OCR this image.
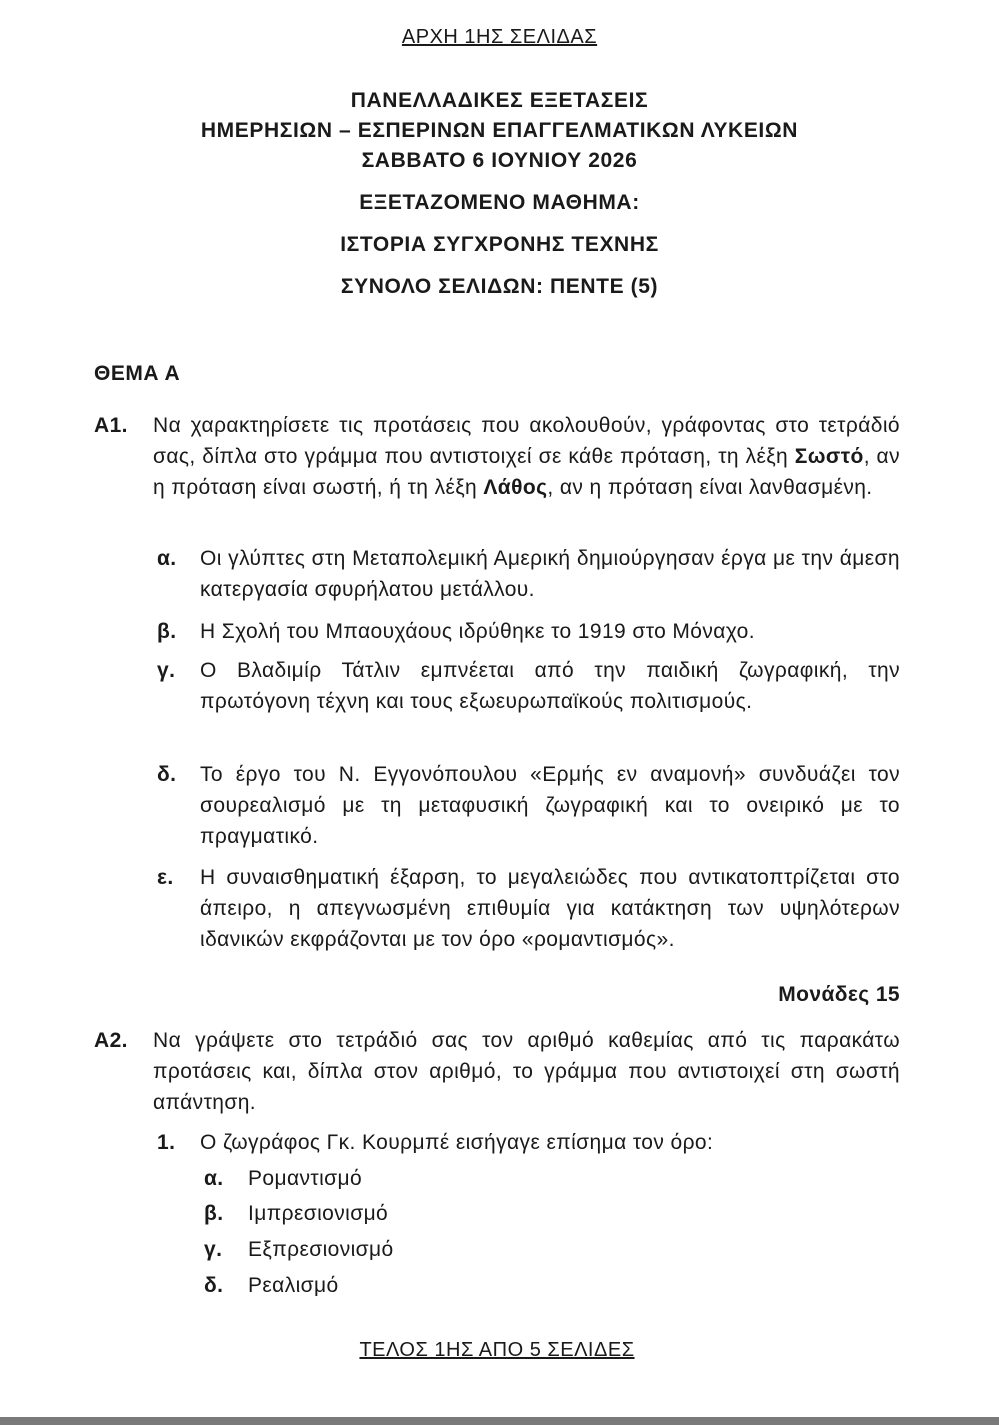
ΑΡΧΗ 1ΗΣ ΣΕΛΙΔΑΣ
ΠΑΝΕΛΛΑΔΙΚΕΣ ΕΞΕΤΑΣΕΙΣ
ΗΜΕΡΗΣΙΩΝ – ΕΣΠΕΡΙΝΩΝ ΕΠΑΓΓΕΛΜΑΤΙΚΩΝ ΛΥΚΕΙΩΝ
ΣΑΒΒΑΤΟ 6 ΙΟΥΝΙΟΥ 2026
ΕΞΕΤΑΖΟΜΕΝΟ ΜΑΘΗΜΑ:
ΙΣΤΟΡΙΑ ΣΥΓΧΡΟΝΗΣ ΤΕΧΝΗΣ
ΣΥΝΟΛΟ ΣΕΛΙΔΩΝ: ΠΕΝΤΕ (5)
ΘΕΜΑ Α
Α1. Να χαρακτηρίσετε τις προτάσεις που ακολουθούν, γράφοντας στο τετράδιό σας, δίπλα στο γράμμα που αντιστοιχεί σε κάθε πρόταση, τη λέξη Σωστό, αν η πρόταση είναι σωστή, ή τη λέξη Λάθος, αν η πρόταση είναι λανθασμένη.
α. Οι γλύπτες στη Μεταπολεμική Αμερική δημιούργησαν έργα με την άμεση κατεργασία σφυρήλατου μετάλλου.
β. Η Σχολή του Μπαουχάους ιδρύθηκε το 1919 στο Μόναχο.
γ. Ο Βλαδιμίρ Τάτλιν εμπνέεται από την παιδική ζωγραφική, την πρωτόγονη τέχνη και τους εξωευρωπαϊκούς πολιτισμούς.
δ. Το έργο του Ν. Εγγονόπουλου «Ερμής εν αναμονή» συνδυάζει τον σουρεαλισμό με τη μεταφυσική ζωγραφική και το ονειρικό με το πραγματικό.
ε. Η συναισθηματική έξαρση, το μεγαλειώδες που αντικατοπτρίζεται στο άπειρο, η απεγνωσμένη επιθυμία για κατάκτηση των υψηλότερων ιδανικών εκφράζονται με τον όρο «ρομαντισμός».
Μονάδες 15
Α2. Να γράψετε στο τετράδιό σας τον αριθμό καθεμίας από τις παρακάτω προτάσεις και, δίπλα στον αριθμό, το γράμμα που αντιστοιχεί στη σωστή απάντηση.
1. Ο ζωγράφος Γκ. Κουρμπέ εισήγαγε επίσημα τον όρο:
α. Ρομαντισμό
β. Ιμπρεσιονισμό
γ. Εξπρεσιονισμό
δ. Ρεαλισμό
ΤΕΛΟΣ 1ΗΣ ΑΠΟ 5 ΣΕΛΙΔΕΣ
